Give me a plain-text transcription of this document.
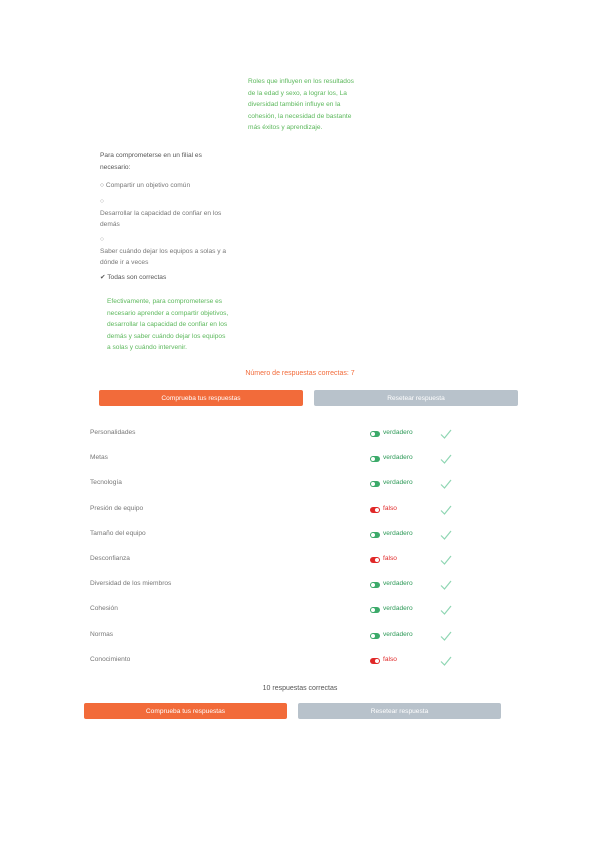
Roles que influyen en los resultados de la edad y sexo, a lograr los, La diversidad también influye en la cohesión, la necesidad de bastante más éxitos y aprendizaje.
Para comprometerse en un filial es necesario:
○ Compartir un objetivo común
○
Desarrollar la capacidad de confiar en los demás
○
Saber cuándo dejar los equipos a solas y a dónde ir a veces
✔ Todas son correctas
Efectivamente, para comprometerse es necesario aprender a compartir objetivos, desarrollar la capacidad de confiar en los demás y saber cuándo dejar los equipos a solas y cuándo intervenir.
Número de respuestas correctas: 7
Comprueba tus respuestas	Resetear respuesta
Personalidades	verdadero
Metas	verdadero
Tecnología	verdadero
Presión de equipo	falso
Tamaño del equipo	verdadero
Desconfianza	falso
Diversidad de los miembros	verdadero
Cohesión	verdadero
Normas	verdadero
Conocimiento	falso
10 respuestas correctas
Comprueba tus respuestas	Resetear respuesta
